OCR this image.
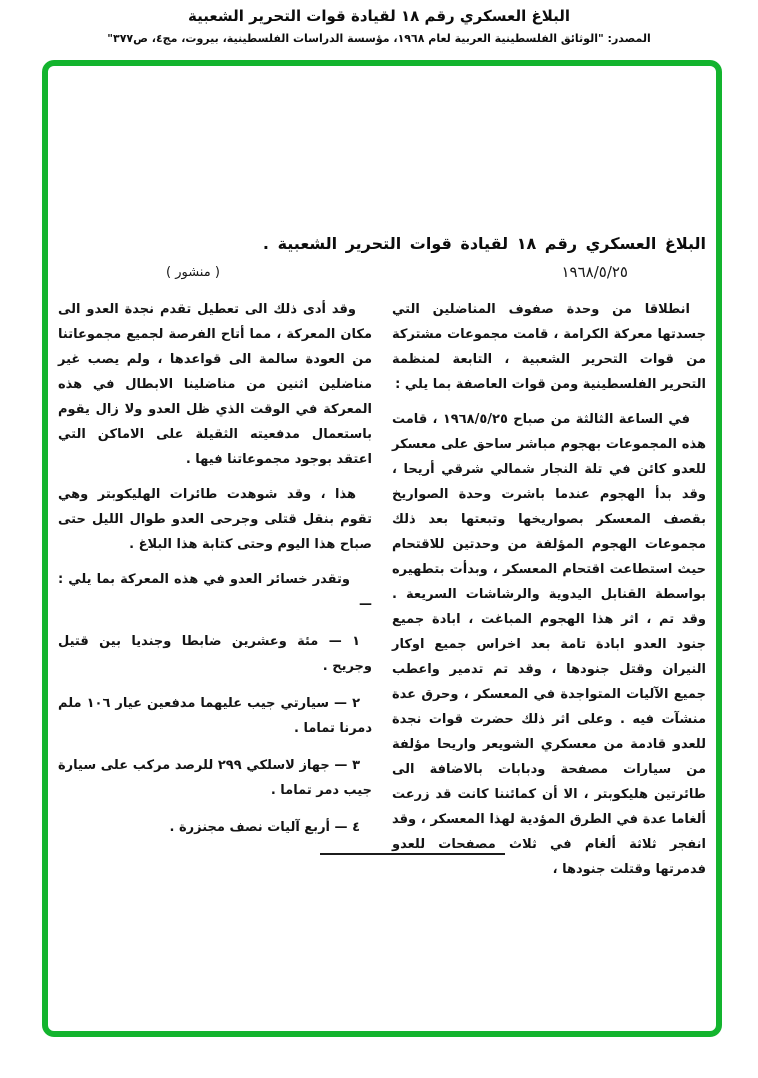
البلاغ العسكري رقم ١٨ لقيادة قوات التحرير الشعبية
المصدر: "الوثائق الفلسطينية العربية لعام ١٩٦٨، مؤسسة الدراسات الفلسطينية، بيروت، مج٤، ص٣٧٧"
البلاغ العسكري رقم ١٨ لقيادة قوات التحرير الشعبية .
١٩٦٨/٥/٢٥
( منشور )

انطلاقا من وحدة صفوف المناضلين التي جسدتها معركة الكرامة ، قامت مجموعات مشتركة من قوات التحرير الشعبية ، التابعة لمنظمة التحرير الفلسطينية ومن قوات العاصفة بما يلي :

في الساعة الثالثة من صباح ١٩٦٨/٥/٢٥ ، قامت هذه المجموعات بهجوم مباشر ساحق على معسكر للعدو كائن في تلة النجار شمالي شرقي أريحا ، وقد بدأ الهجوم عندما باشرت وحدة الصواريخ بقصف المعسكر بصواريخها وتبعتها بعد ذلك مجموعات الهجوم المؤلفة من وحدتين للاقتحام حيث استطاعت اقتحام المعسكر ، وبدأت بتطهيره بواسطة القنابل اليدوية والرشاشات السريعة . وقد تم ، اثر هذا الهجوم المباغت ، ابادة جميع جنود العدو ابادة تامة بعد اخراس جميع اوكار النيران وقتل جنودها ، وقد تم تدمير واعطب جميع الآليات المتواجدة في المعسكر ، وحرق عدة منشآت فيه . وعلى اثر ذلك حضرت قوات نجدة للعدو قادمة من معسكري الشويعر واريحا مؤلفة من سيارات مصفحة ودبابات بالاضافة الى طائرتين هليكوبتر ، الا أن كمائننا كانت قد زرعت ألغاما عدة في الطرق المؤدية لهذا المعسكر ، وقد انفجر ثلاثة ألغام في ثلاث مصفحات للعدو فدمرتها وقتلت جنودها ،

وقد أدى ذلك الى تعطيل تقدم نجدة العدو الى مكان المعركة ، مما أتاح الفرصة لجميع مجموعاتنا من العودة سالمة الى قواعدها ، ولم يصب غير مناضلين اثنين من مناضلينا الابطال في هذه المعركة في الوقت الذي ظل العدو ولا زال يقوم باستعمال مدفعيته الثقيلة على الاماكن التي اعتقد بوجود مجموعاتنا فيها .

هذا ، وقد شوهدت طائرات الهليكوبتر وهي تقوم بنقل قتلى وجرحى العدو طوال الليل حتى صباح هذا اليوم وحتى كتابة هذا البلاغ .

وتقدر خسائر العدو في هذه المعركة بما يلي : —

١ — مئة وعشرين ضابطا وجنديا بين قتيل وجريح .

٢ — سيارتي جيب عليهما مدفعين عيار ١٠٦ ملم دمرنا تماما .

٣ — جهاز لاسلكي ٢٩٩ للرصد مركب على سيارة جيب دمر تماما .

٤ — أربع آليات نصف مجنزرة .
